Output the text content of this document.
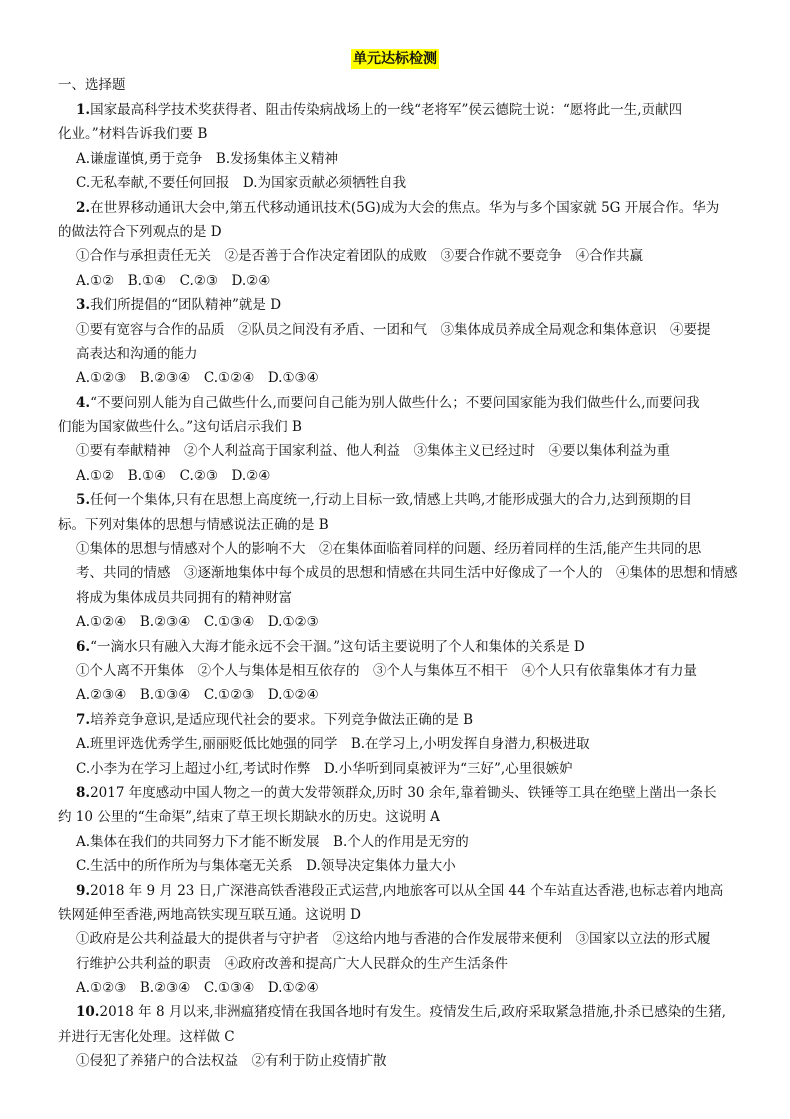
单元达标检测
一、选择题
1.国家最高科学技术奖获得者、阻击传染病战场上的一线“老将军”侯云德院士说：“愿将此一生,贡献四
化业。”材料告诉我们要 B
A.谦虚谨慎,勇于竞争　B.发扬集体主义精神
C.无私奉献,不要任何回报　D.为国家贡献必须牺牲自我
2.在世界移动通讯大会中,第五代移动通讯技术(5G)成为大会的焦点。华为与多个国家就 5G 开展合作。华为
的做法符合下列观点的是 D
①合作与承担责任无关　②是否善于合作决定着团队的成败　③要合作就不要竞争　④合作共赢
A.①②　B.①④　C.②③　D.②④
3.我们所提倡的“团队精神”就是 D
①要有宽容与合作的品质　②队员之间没有矛盾、一团和气　③集体成员养成全局观念和集体意识　④要提
高表达和沟通的能力
A.①②③　B.②③④　C.①②④　D.①③④
4.“不要问别人能为自己做些什么,而要问自己能为别人做些什么；不要问国家能为我们做些什么,而要问我
们能为国家做些什么。”这句话启示我们 B
①要有奉献精神　②个人利益高于国家利益、他人利益　③集体主义已经过时　④要以集体利益为重
A.①②　B.①④　C.②③　D.②④
5.任何一个集体,只有在思想上高度统一,行动上目标一致,情感上共鸣,才能形成强大的合力,达到预期的目
标。下列对集体的思想与情感说法正确的是 B
①集体的思想与情感对个人的影响不大　②在集体面临着同样的问题、经历着同样的生活,能产生共同的思
考、共同的情感　③逐渐地集体中每个成员的思想和情感在共同生活中好像成了一个人的　④集体的思想和情感
将成为集体成员共同拥有的精神财富
A.①②④　B.②③④　C.①③④　D.①②③
6.“一滴水只有融入大海才能永远不会干涸。”这句话主要说明了个人和集体的关系是 D
①个人离不开集体　②个人与集体是相互依存的　③个人与集体互不相干　④个人只有依靠集体才有力量
A.②③④　B.①③④　C.①②③　D.①②④
7.培养竞争意识,是适应现代社会的要求。下列竞争做法正确的是 B
A.班里评选优秀学生,丽丽贬低比她强的同学　B.在学习上,小明发挥自身潜力,积极进取
C.小李为在学习上超过小红,考试时作弊　D.小华听到同桌被评为“三好”,心里很嫉妒
8.2017 年度感动中国人物之一的黄大发带领群众,历时 30 余年,靠着锄头、铁锤等工具在绝壁上凿出一条长
约 10 公里的“生命渠”,结束了草王坝长期缺水的历史。这说明 A
A.集体在我们的共同努力下才能不断发展　B.个人的作用是无穷的
C.生活中的所作所为与集体毫无关系　D.领导决定集体力量大小
9.2018 年 9 月 23 日,广深港高铁香港段正式运营,内地旅客可以从全国 44 个车站直达香港,也标志着内地高
铁网延伸至香港,两地高铁实现互联互通。这说明 D
①政府是公共利益最大的提供者与守护者　②这给内地与香港的合作发展带来便利　③国家以立法的形式履
行维护公共利益的职责　④政府改善和提高广大人民群众的生产生活条件
A.①②③　B.②③④　C.①③④　D.①②④
10.2018 年 8 月以来,非洲瘟猪疫情在我国各地时有发生。疫情发生后,政府采取紧急措施,扑杀已感染的生猪,
并进行无害化处理。这样做 C
①侵犯了养猪户的合法权益　②有利于防止疫情扩散
